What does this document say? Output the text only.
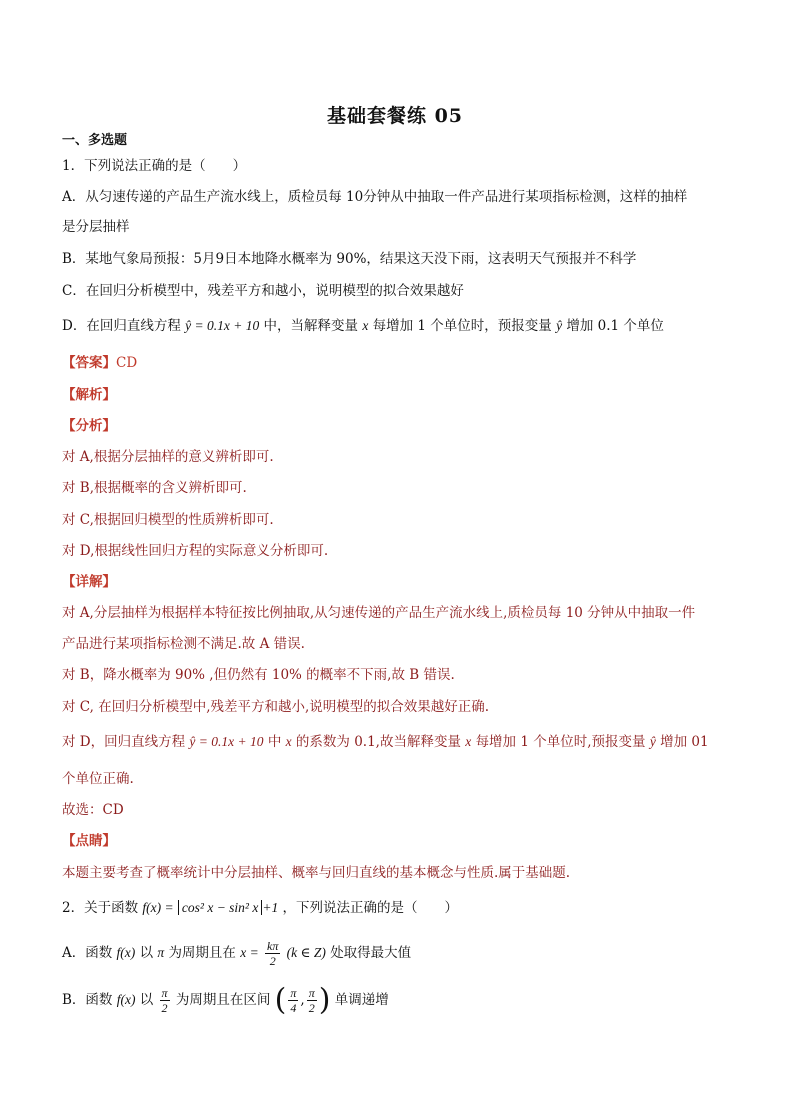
基础套餐练 05
一、多选题
1．下列说法正确的是（　　）
A．从匀速传递的产品生产流水线上，质检员每 10分钟从中抽取一件产品进行某项指标检测，这样的抽样
是分层抽样
B．某地气象局预报：5月9日本地降水概率为 90%，结果这天没下雨，这表明天气预报并不科学
C．在回归分析模型中，残差平方和越小，说明模型的拟合效果越好
D．在回归直线方程 ŷ = 0.1x + 10 中，当解释变量 x 每增加 1 个单位时，预报变量 ŷ 增加 0.1 个单位
【答案】CD
【解析】
【分析】
对 A,根据分层抽样的意义辨析即可.
对 B,根据概率的含义辨析即可.
对 C,根据回归模型的性质辨析即可.
对 D,根据线性回归方程的实际意义分析即可.
【详解】
对 A,分层抽样为根据样本特征按比例抽取,从匀速传递的产品生产流水线上,质检员每 10 分钟从中抽取一件
产品进行某项指标检测不满足.故 A 错误.
对 B，降水概率为 90% ,但仍然有 10% 的概率不下雨,故 B 错误.
对 C, 在回归分析模型中,残差平方和越小,说明模型的拟合效果越好正确.
对 D，回归直线方程 ŷ = 0.1x + 10 中 x 的系数为 0.1,故当解释变量 x 每增加 1 个单位时,预报变量 ŷ 增加 01
个单位正确.
故选：CD
【点睛】
本题主要考查了概率统计中分层抽样、概率与回归直线的基本概念与性质.属于基础题.
2．关于函数 f(x) = cos² x − sin² x +1 ，下列说法正确的是（　　）
A．函数 f(x) 以 π 为周期且在 $x = \frac{k\pi}{2} (k$ ∈ Z) 处取得最大值
B．函数 f(x) 以 $\frac{\pi}{2}$ 为周期且在区间 ( $\frac{\pi}{4}$ , $\frac{\pi}{2}$ ) 单调递增
